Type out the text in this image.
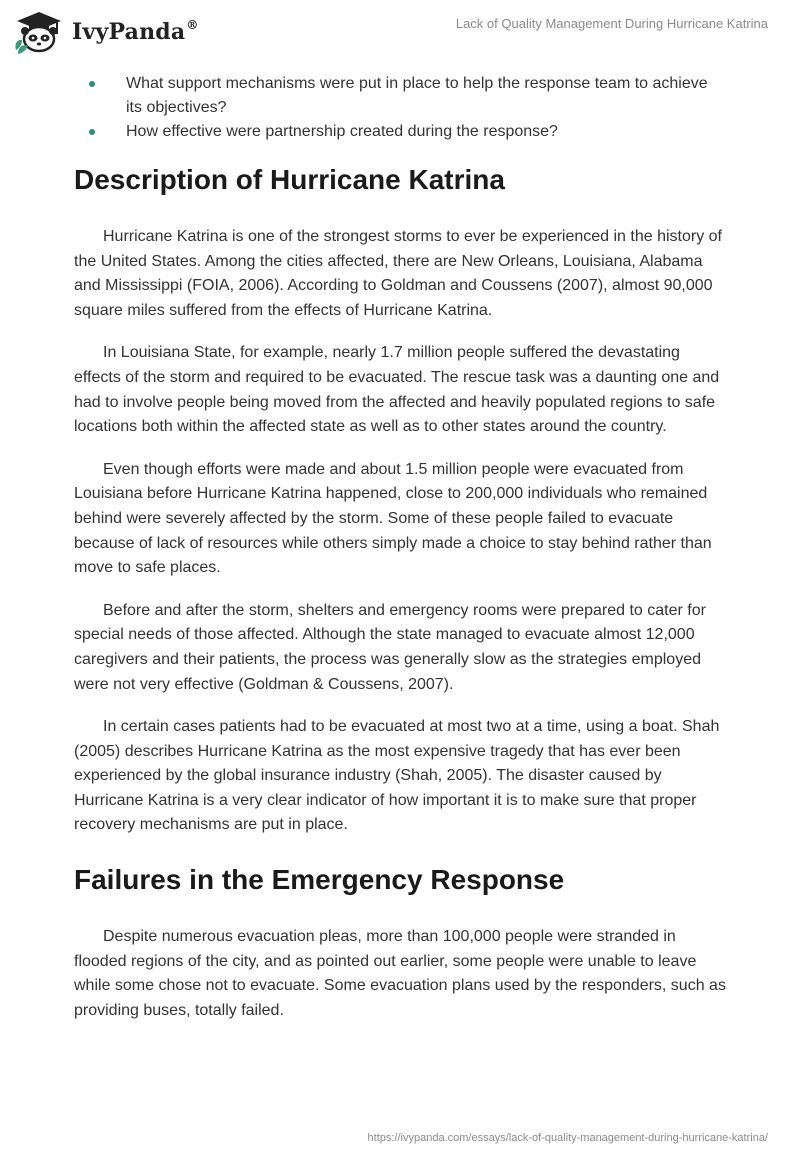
IvyPanda®	Lack of Quality Management During Hurricane Katrina
What support mechanisms were put in place to help the response team to achieve its objectives?
How effective were partnership created during the response?
Description of Hurricane Katrina

Hurricane Katrina is one of the strongest storms to ever be experienced in the history of the United States. Among the cities affected, there are New Orleans, Louisiana, Alabama and Mississippi (FOIA, 2006). According to Goldman and Coussens (2007), almost 90,000 square miles suffered from the effects of Hurricane Katrina.

In Louisiana State, for example, nearly 1.7 million people suffered the devastating effects of the storm and required to be evacuated. The rescue task was a daunting one and had to involve people being moved from the affected and heavily populated regions to safe locations both within the affected state as well as to other states around the country.

Even though efforts were made and about 1.5 million people were evacuated from Louisiana before Hurricane Katrina happened, close to 200,000 individuals who remained behind were severely affected by the storm. Some of these people failed to evacuate because of lack of resources while others simply made a choice to stay behind rather than move to safe places.

Before and after the storm, shelters and emergency rooms were prepared to cater for special needs of those affected. Although the state managed to evacuate almost 12,000 caregivers and their patients, the process was generally slow as the strategies employed were not very effective (Goldman & Coussens, 2007).

In certain cases patients had to be evacuated at most two at a time, using a boat. Shah (2005) describes Hurricane Katrina as the most expensive tragedy that has ever been experienced by the global insurance industry (Shah, 2005). The disaster caused by Hurricane Katrina is a very clear indicator of how important it is to make sure that proper recovery mechanisms are put in place.

Failures in the Emergency Response

Despite numerous evacuation pleas, more than 100,000 people were stranded in flooded regions of the city, and as pointed out earlier, some people were unable to leave while some chose not to evacuate. Some evacuation plans used by the responders, such as providing buses, totally failed.

https://ivypanda.com/essays/lack-of-quality-management-during-hurricane-katrina/
